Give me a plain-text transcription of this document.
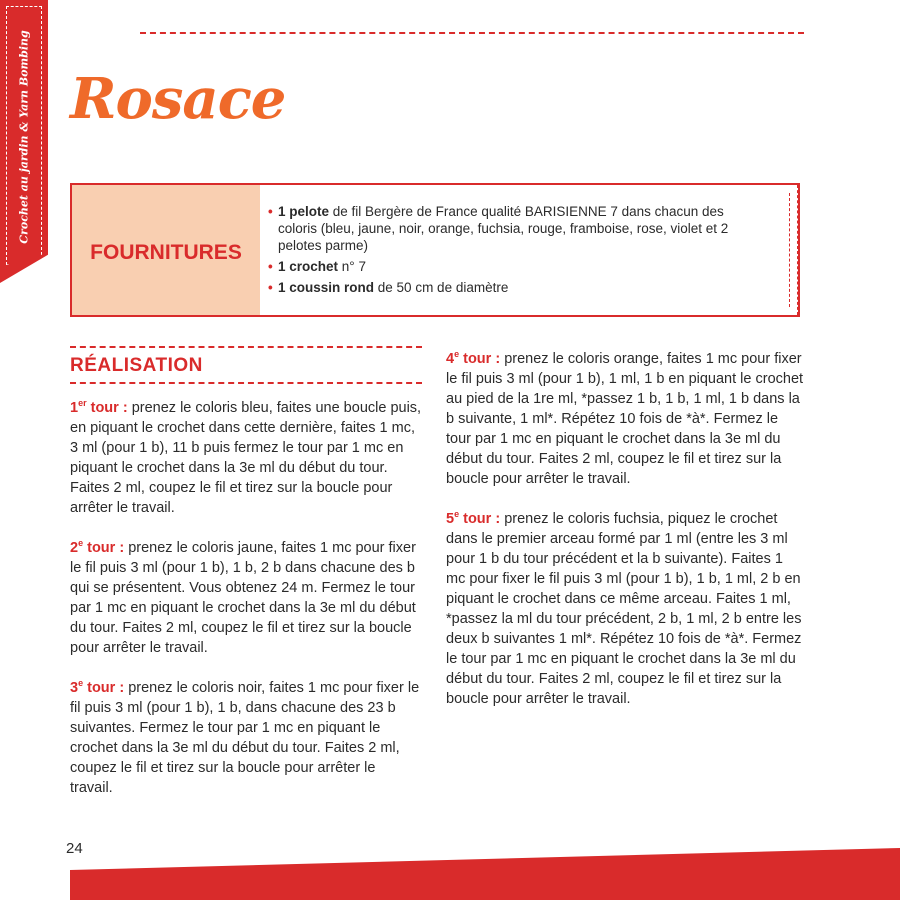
Crochet au jardin & Yarn Bombing Rosace
FOURNITURES
• 1 pelote de fil Bergère de France qualité BARISIENNE 7 dans chacun des coloris (bleu, jaune, noir, orange, fuchsia, rouge, framboise, rose, violet et 2 pelotes parme)
• 1 crochet n° 7
• 1 coussin rond de 50 cm de diamètre
RÉALISATION

1er tour : prenez le coloris bleu, faites une boucle puis, en piquant le crochet dans cette dernière, faites 1 mc, 3 ml (pour 1 b), 11 b puis fermez le tour par 1 mc en piquant le crochet dans la 3e ml du début du tour. Faites 2 ml, coupez le fil et tirez sur la boucle pour arrêter le travail.

2e tour : prenez le coloris jaune, faites 1 mc pour fixer le fil puis 3 ml (pour 1 b), 1 b, 2 b dans chacune des b qui se présentent. Vous obtenez 24 m. Fermez le tour par 1 mc en piquant le crochet dans la 3e ml du début du tour. Faites 2 ml, coupez le fil et tirez sur la boucle pour arrêter le travail.

3e tour : prenez le coloris noir, faites 1 mc pour fixer le fil puis 3 ml (pour 1 b), 1 b, dans chacune des 23 b suivantes. Fermez le tour par 1 mc en piquant le crochet dans la 3e ml du début du tour. Faites 2 ml, coupez le fil et tirez sur la boucle pour arrêter le travail.

4e tour : prenez le coloris orange, faites 1 mc pour fixer le fil puis 3 ml (pour 1 b), 1 ml, 1 b en piquant le crochet au pied de la 1re ml, *passez 1 b, 1 b, 1 ml, 1 b dans la b suivante, 1 ml*. Répétez 10 fois de *à*. Fermez le tour par 1 mc en piquant le crochet dans la 3e ml du début du tour. Faites 2 ml, coupez le fil et tirez sur la boucle pour arrêter le travail.

5e tour : prenez le coloris fuchsia, piquez le crochet dans le premier arceau formé par 1 ml (entre les 3 ml pour 1 b du tour précédent et la b suivante). Faites 1 mc pour fixer le fil puis 3 ml (pour 1 b), 1 b, 1 ml, 2 b en piquant le crochet dans ce même arceau. Faites 1 ml, *passez la ml du tour précédent, 2 b, 1 ml, 2 b entre les deux b suivantes 1 ml*. Répétez 10 fois de *à*. Fermez le tour par 1 mc en piquant le crochet dans la 3e ml du début du tour. Faites 2 ml, coupez le fil et tirez sur la boucle pour arrêter le travail.

24
